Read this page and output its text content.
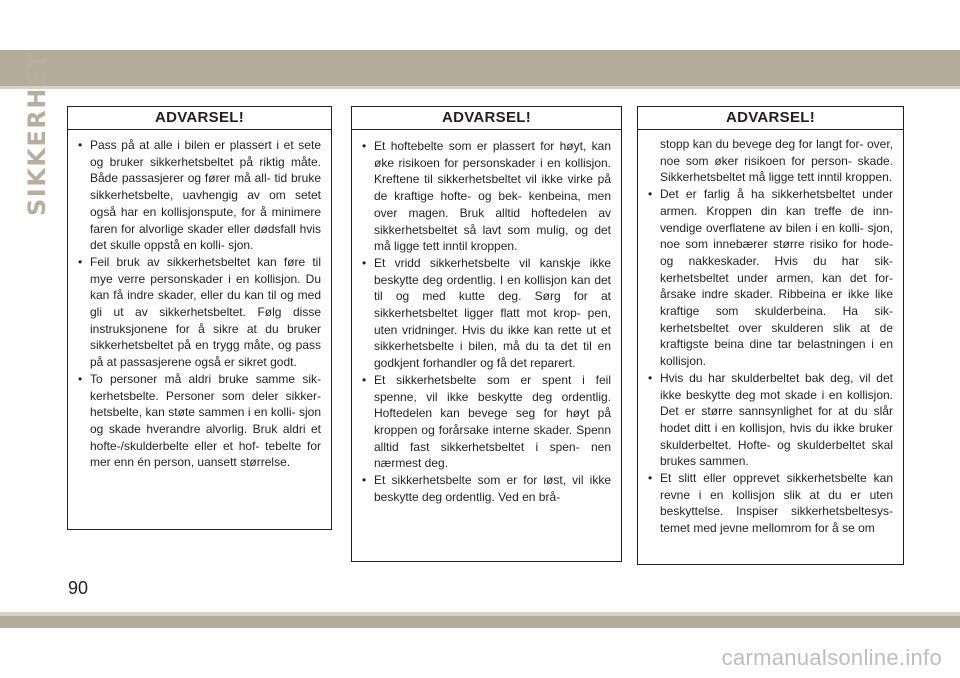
SIKKERHET	ADVARSEL!
• Pass på at alle i bilen er plassert i et sete og bruker sikkerhetsbeltet på riktig måte. Både passasjerer og fører må all- tid bruke sikkerhetsbelte, uavhengig av om setet også har en kollisjonspute, for å minimere faren for alvorlige skader eller dødsfall hvis det skulle oppstå en kolli- sjon.
• Feil bruk av sikkerhetsbeltet kan føre til mye verre personskader i en kollisjon. Du kan få indre skader, eller du kan til og med gli ut av sikkerhetsbeltet. Følg disse instruksjonene for å sikre at du bruker sikkerhetsbeltet på en trygg måte, og pass på at passasjerene også er sikret godt.
• To personer må aldri bruke samme sik- kerhetsbelte. Personer som deler sikker- hetsbelte, kan støte sammen i en kolli- sjon og skade hverandre alvorlig. Bruk aldri et hofte-/skulderbelte eller et hof- tebelte for mer enn én person, uansett størrelse.
ADVARSEL!
• Et hoftebelte som er plassert for høyt, kan øke risikoen for personskader i en kollisjon. Kreftene til sikkerhetsbeltet vil ikke virke på de kraftige hofte- og bek- kenbeina, men over magen. Bruk alltid hoftedelen av sikkerhetsbeltet så lavt som mulig, og det må ligge tett inntil kroppen.
• Et vridd sikkerhetsbelte vil kanskje ikke beskytte deg ordentlig. I en kollisjon kan det til og med kutte deg. Sørg for at sikkerhetsbeltet ligger flatt mot krop- pen, uten vridninger. Hvis du ikke kan rette ut et sikkerhetsbelte i bilen, må du ta det til en godkjent forhandler og få det reparert.
• Et sikkerhetsbelte som er spent i feil spenne, vil ikke beskytte deg ordentlig. Hoftedelen kan bevege seg for høyt på kroppen og forårsake interne skader. Spenn alltid fast sikkerhetsbeltet i spen- nen nærmest deg.
• Et sikkerhetsbelte som er for løst, vil ikke beskytte deg ordentlig. Ved en brå-
ADVARSEL!
stopp kan du bevege deg for langt for- over, noe som øker risikoen for person- skade. Sikkerhetsbeltet må ligge tett inntil kroppen.
• Det er farlig å ha sikkerhetsbeltet under armen. Kroppen din kan treffe de inn- vendige overflatene av bilen i en kolli- sjon, noe som innebærer større risiko for hode- og nakkeskader. Hvis du har sik- kerhetsbeltet under armen, kan det for- årsake indre skader. Ribbeina er ikke like kraftige som skulderbeina. Ha sik- kerhetsbeltet over skulderen slik at de kraftigste beina dine tar belastningen i en kollisjon.
• Hvis du har skulderbeltet bak deg, vil det ikke beskytte deg mot skade i en kollisjon. Det er større sannsynlighet for at du slår hodet ditt i en kollisjon, hvis du ikke bruker skulderbeltet. Hofte- og skulderbeltet skal brukes sammen.
• Et slitt eller opprevet sikkerhetsbelte kan revne i en kollisjon slik at du er uten beskyttelse. Inspiser sikkerhetsbeltesys- temet med jevne mellomrom for å se om
90
carmanualsonline.info
